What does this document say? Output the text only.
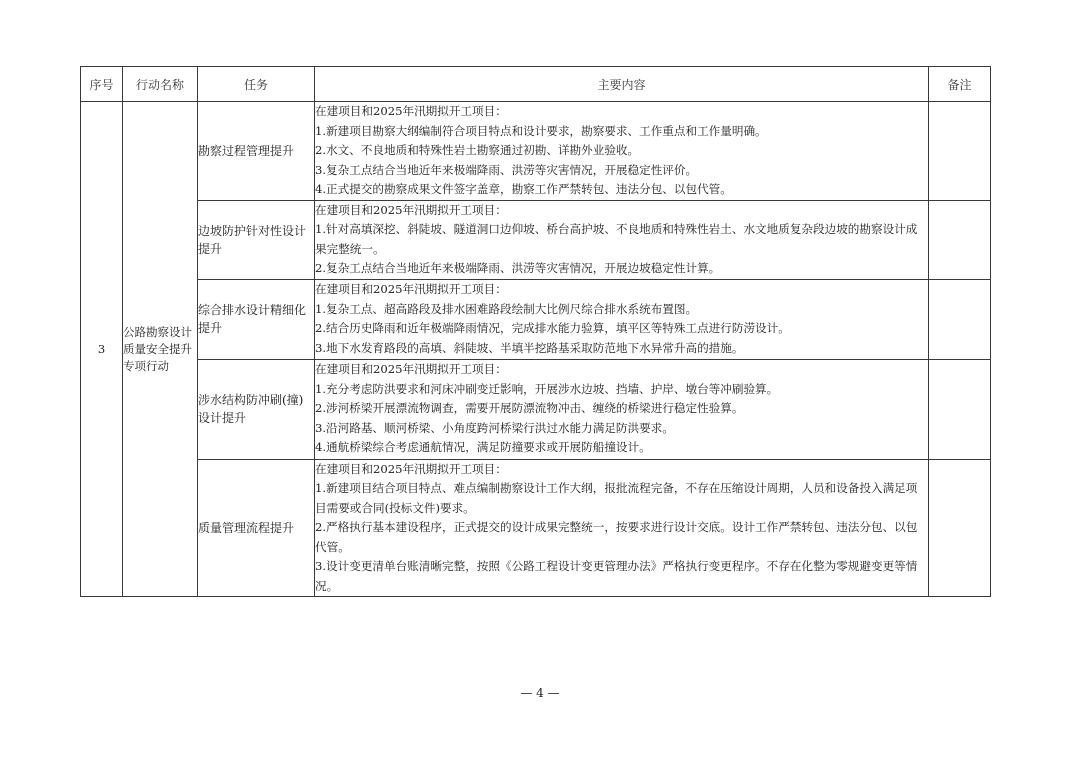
序号	行动名称	任务	主要内容	备注
3	公路勘察设计质量安全提升专项行动	勘察过程管理提升	在建项目和2025年汛期拟开工项目：
1.新建项目勘察大纲编制符合项目特点和设计要求，勘察要求、工作重点和工作量明确。
2.水文、不良地质和特殊性岩土勘察通过初勘、详勘外业验收。
3.复杂工点结合当地近年来极端降雨、洪涝等灾害情况，开展稳定性评价。
4.正式提交的勘察成果文件签字盖章，勘察工作严禁转包、违法分包、以包代管。	

		边坡防护针对性设计提升	在建项目和2025年汛期拟开工项目：
1.针对高填深挖、斜陡坡、隧道洞口边仰坡、桥台高护坡、不良地质和特殊性岩土、水文地质复杂段边坡的勘察设计成果完整统一。
2.复杂工点结合当地近年来极端降雨、洪涝等灾害情况，开展边坡稳定性计算。	

		综合排水设计精细化提升	在建项目和2025年汛期拟开工项目：
1.复杂工点、超高路段及排水困难路段绘制大比例尺综合排水系统布置图。
2.结合历史降雨和近年极端降雨情况，完成排水能力验算，填平区等特殊工点进行防涝设计。
3.地下水发育路段的高填、斜陡坡、半填半挖路基采取防范地下水异常升高的措施。	

		涉水结构防冲刷(撞)设计提升	在建项目和2025年汛期拟开工项目：
1.充分考虑防洪要求和河床冲刷变迁影响，开展涉水边坡、挡墙、护岸、墩台等冲刷验算。
2.涉河桥梁开展漂流物调查，需要开展防漂流物冲击、缠绕的桥梁进行稳定性验算。
3.沿河路基、顺河桥梁、小角度跨河桥梁行洪过水能力满足防洪要求。
4.通航桥梁综合考虑通航情况，满足防撞要求或开展防船撞设计。	

		质量管理流程提升	在建项目和2025年汛期拟开工项目：
1.新建项目结合项目特点、难点编制勘察设计工作大纲，报批流程完备，不存在压缩设计周期，人员和设备投入满足项目需要或合同(投标文件)要求。
2.严格执行基本建设程序，正式提交的设计成果完整统一，按要求进行设计交底。设计工作严禁转包、违法分包、以包代管。
3.设计变更清单台账清晰完整，按照《公路工程设计变更管理办法》严格执行变更程序。不存在化整为零规避变更等情况。	

— 4 —
